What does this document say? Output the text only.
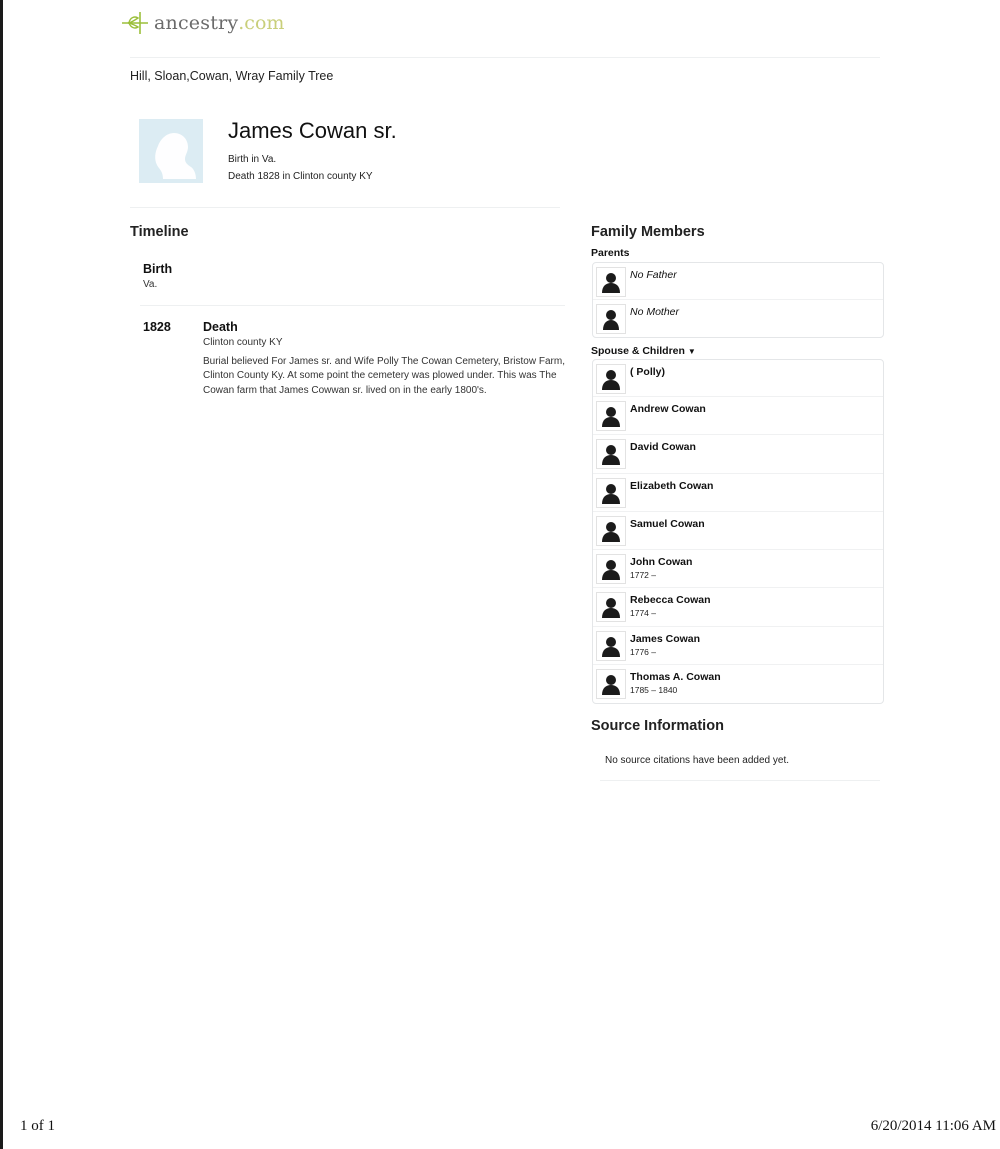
ancestry .com
Hill, Sloan,Cowan, Wray Family Tree
James Cowan sr.
Birth in Va.
Death 1828 in Clinton county KY
Timeline
Birth
Va.
1828	Death
Clinton county KY
Burial believed For James sr. and Wife Polly The Cowan Cemetery, Bristow Farm, Clinton County Ky. At some point the cemetery was plowed under. This was The Cowan farm that James Cowwan sr. lived on in the early 1800's.
Family Members
Parents
No Father
No Mother
Spouse & Children ▼
( Polly)
Andrew Cowan
David Cowan
Elizabeth Cowan
Samuel Cowan
John Cowan
1772 –
Rebecca Cowan
1774 –
James Cowan
1776 –
Thomas A. Cowan
1785 – 1840
Source Information
No source citations have been added yet.
1 of 1	6/20/2014 11:06 AM
